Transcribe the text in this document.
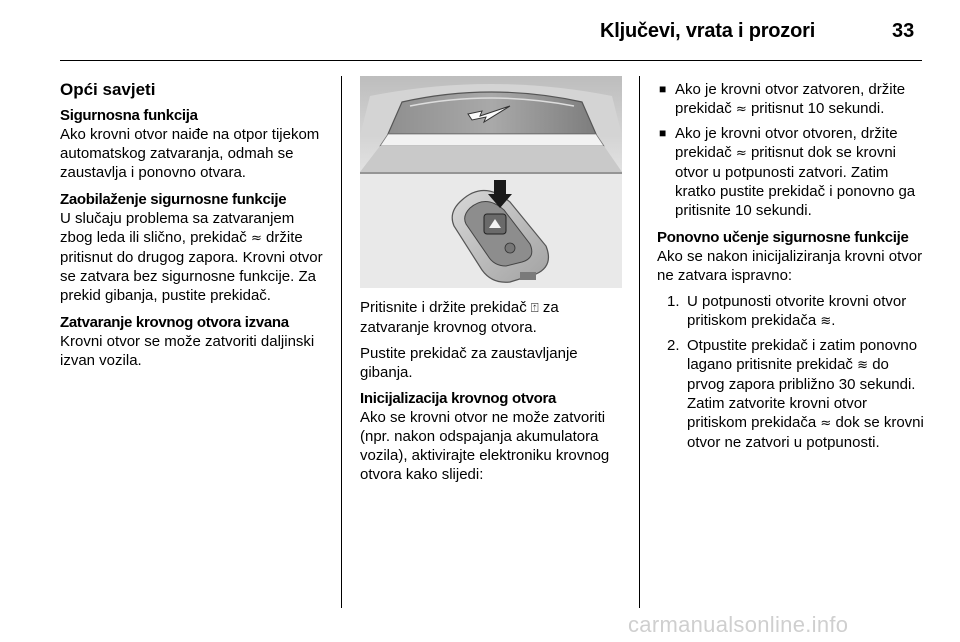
Ključevi, vrata i prozori	33
Opći savjeti
Sigurnosna funkcija
Ako krovni otvor naiđe na otpor tijekom automatskog zatvaranja, odmah se zaustavlja i ponovno otvara.
Zaobilaženje sigurnosne funkcije
U slučaju problema sa zatvaranjem zbog leda ili slično, prekidač ≈ držite pritisnut do drugog zapora. Krovni otvor se zatvara bez sigurnosne funkcije. Za prekid gibanja, pustite prekidač.
Zatvaranje krovnog otvora izvana
Krovni otvor se može zatvoriti daljinski izvan vozila.

Pritisnite i držite prekidač ⍐ za zatvaranje krovnog otvora.

Pustite prekidač za zaustavljanje gibanja.

Inicijalizacija krovnog otvora
Ako se krovni otvor ne može zatvoriti (npr. nakon odspajanja akumulatora vozila), aktivirajte elektroniku krovnog otvora kako slijedi:
■ Ako je krovni otvor zatvoren, držite prekidač ≈ pritisnut 10 sekundi.
■ Ako je krovni otvor otvoren, držite prekidač ≈ pritisnut dok se krovni otvor u potpunosti zatvori. Zatim kratko pustite prekidač i ponovno ga pritisnite 10 sekundi.
Ponovno učenje sigurnosne funkcije

Ako se nakon inicijaliziranja krovni otvor ne zatvara ispravno:

1. U potpunosti otvorite krovni otvor pritiskom prekidača ≋.
2. Otpustite prekidač i zatim ponovno lagano pritisnite prekidač ≋ do prvog zapora približno 30 sekundi. Zatim zatvorite krovni otvor pritiskom prekidača ≈ dok se krovni otvor ne zatvori u potpunosti.
carmanualsonline.info
